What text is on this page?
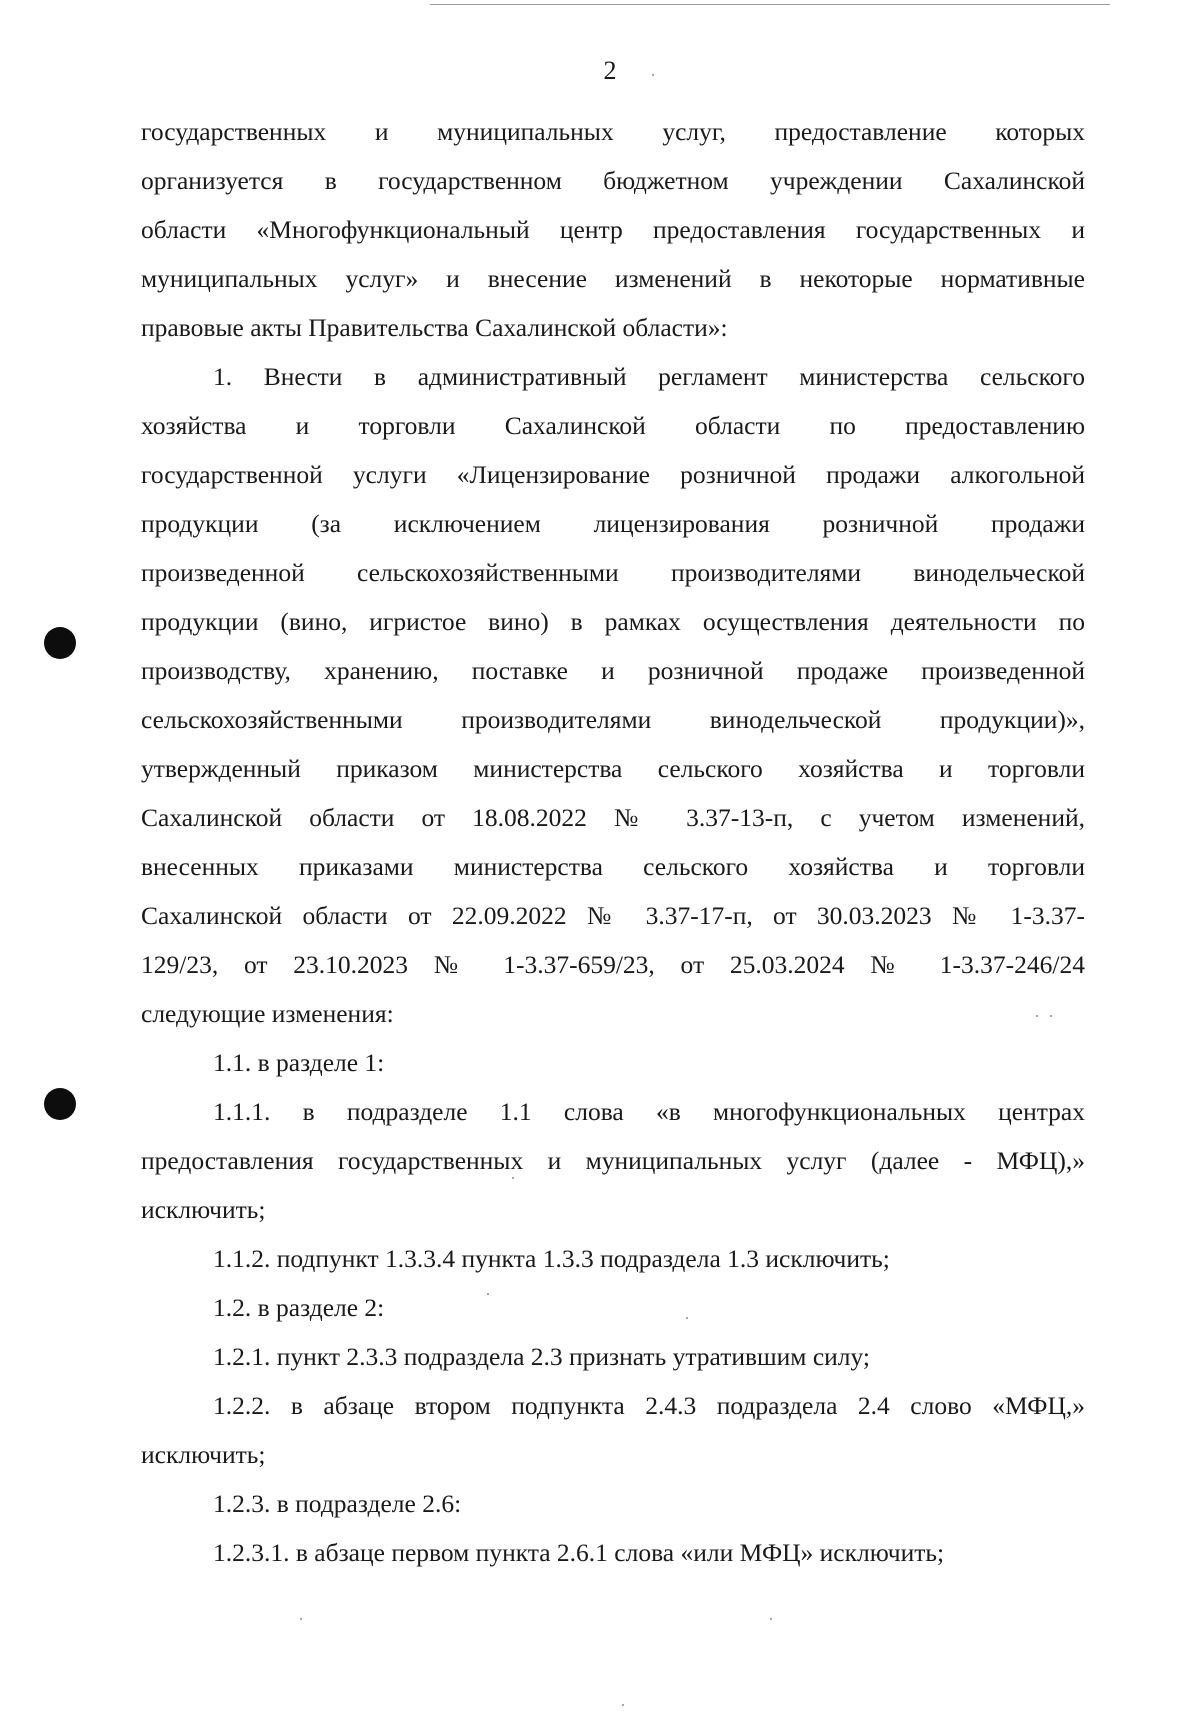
2
государственных и муниципальных услуг, предоставление которых
организуется в государственном бюджетном учреждении Сахалинской
области «Многофункциональный центр предоставления государственных и
муниципальных услуг» и внесение изменений в некоторые нормативные
правовые акты Правительства Сахалинской области»:
1. Внести в административный регламент министерства сельского
хозяйства и торговли Сахалинской области по предоставлению
государственной услуги «Лицензирование розничной продажи алкогольной
продукции (за исключением лицензирования розничной продажи
произведенной сельскохозяйственными производителями винодельческой
продукции (вино, игристое вино) в рамках осуществления деятельности по
производству, хранению, поставке и розничной продаже произведенной
сельскохозяйственными производителями винодельческой продукции)»,
утвержденный приказом министерства сельского хозяйства и торговли
Сахалинской области от 18.08.2022 № 3.37-13-п, с учетом изменений,
внесенных приказами министерства сельского хозяйства и торговли
Сахалинской области от 22.09.2022 № 3.37-17-п, от 30.03.2023 № 1-3.37-
129/23, от 23.10.2023 № 1-3.37-659/23, от 25.03.2024 № 1-3.37-246/24
следующие изменения:
1.1. в разделе 1:
1.1.1. в подразделе 1.1 слова «в многофункциональных центрах
предоставления государственных и муниципальных услуг (далее - МФЦ),»
исключить;
1.1.2. подпункт 1.3.3.4 пункта 1.3.3 подраздела 1.3 исключить;
1.2. в разделе 2:
1.2.1. пункт 2.3.3 подраздела 2.3 признать утратившим силу;
1.2.2. в абзаце втором подпункта 2.4.3 подраздела 2.4 слово «МФЦ,»
исключить;
1.2.3. в подразделе 2.6:
1.2.3.1. в абзаце первом пункта 2.6.1 слова «или МФЦ» исключить;
